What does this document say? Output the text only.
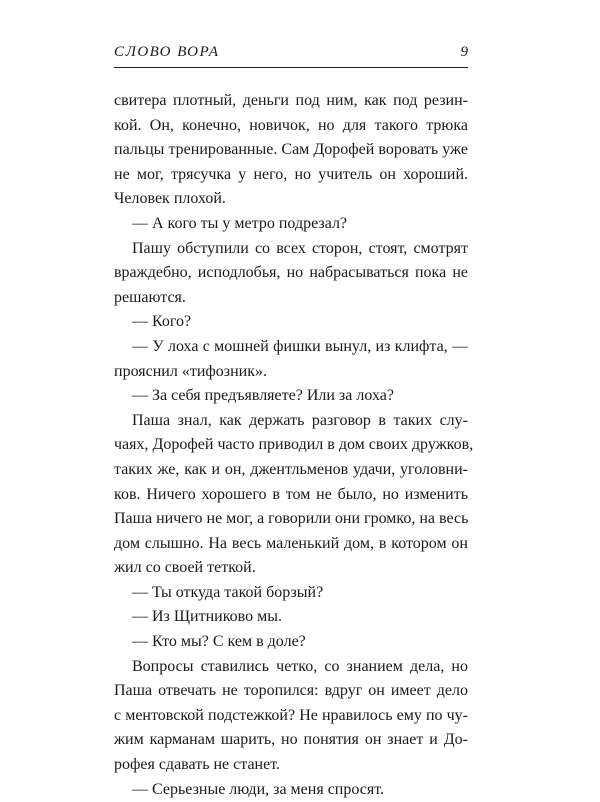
СЛОВО ВОРА	9
свитера плотный, деньги под ним, как под резин-
кой. Он, конечно, новичок, но для такого трюка
пальцы тренированные. Сам Дорофей воровать уже
не мог, трясучка у него, но учитель он хороший.
Человек плохой.
— А кого ты у метро подрезал?
Пашу обступили со всех сторон, стоят, смотрят
враждебно, исподлобья, но набрасываться пока не
решаются.
— Кого?
— У лоха с мошней фишки вынул, из клифта, —
прояснил «тифозник».
— За себя предъявляете? Или за лоха?
Паша знал, как держать разговор в таких слу-
чаях, Дорофей часто приводил в дом своих дружков,
таких же, как и он, джентльменов удачи, уголовни-
ков. Ничего хорошего в том не было, но изменить
Паша ничего не мог, а говорили они громко, на весь
дом слышно. На весь маленький дом, в котором он
жил со своей теткой.
— Ты откуда такой борзый?
— Из Щитниково мы.
— Кто мы? С кем в доле?
Вопросы ставились четко, со знанием дела, но
Паша отвечать не торопился: вдруг он имеет дело
с ментовской подстежкой? Не нравилось ему по чу-
жим карманам шарить, но понятия он знает и До-
рофея сдавать не станет.
— Серьезные люди, за меня спросят.
